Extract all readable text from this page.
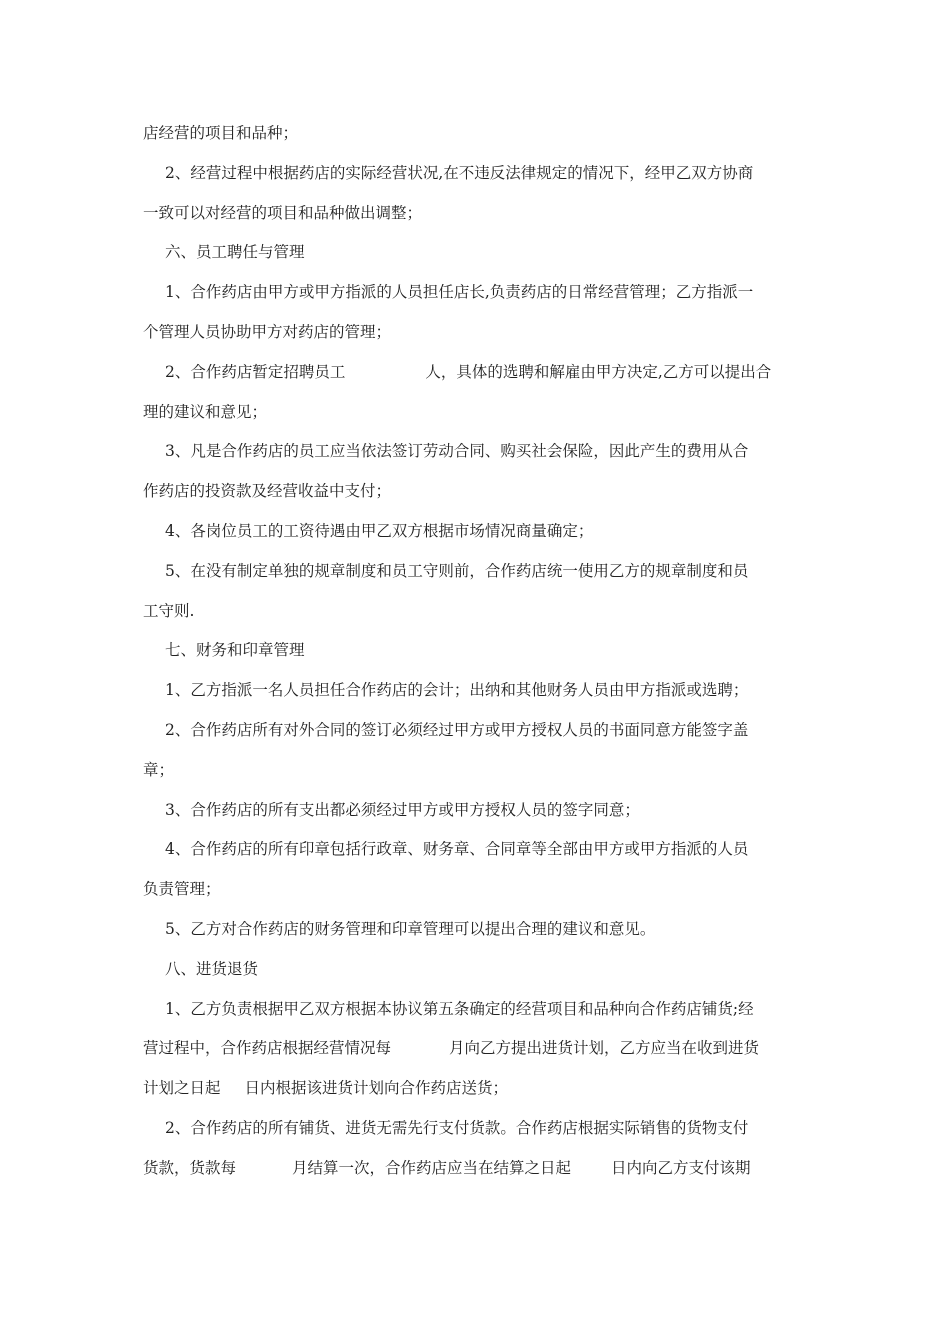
店经营的项目和品种；
2、经营过程中根据药店的实际经营状况,在不违反法律规定的情况下，经甲乙双方协商
一致可以对经营的项目和品种做出调整；
六、员工聘任与管理
1、合作药店由甲方或甲方指派的人员担任店长,负责药店的日常经营管理；乙方指派一
个管理人员协助甲方对药店的管理；
2、合作药店暂定招聘员工	人，具体的选聘和解雇由甲方决定,乙方可以提出合
理的建议和意见；
3、凡是合作药店的员工应当依法签订劳动合同、购买社会保险，因此产生的费用从合
作药店的投资款及经营收益中支付；
4、各岗位员工的工资待遇由甲乙双方根据市场情况商量确定；
5、在没有制定单独的规章制度和员工守则前，合作药店统一使用乙方的规章制度和员
工守则.
七、财务和印章管理
1、乙方指派一名人员担任合作药店的会计；出纳和其他财务人员由甲方指派或选聘；
2、合作药店所有对外合同的签订必须经过甲方或甲方授权人员的书面同意方能签字盖
章；
3、合作药店的所有支出都必须经过甲方或甲方授权人员的签字同意；
4、合作药店的所有印章包括行政章、财务章、合同章等全部由甲方或甲方指派的人员
负责管理；
5、乙方对合作药店的财务管理和印章管理可以提出合理的建议和意见。
八、进货退货
1、乙方负责根据甲乙双方根据本协议第五条确定的经营项目和品种向合作药店铺货;经
营过程中，合作药店根据经营情况每	月向乙方提出进货计划，乙方应当在收到进货
计划之日起 日内根据该进货计划向合作药店送货；
2、合作药店的所有铺货、进货无需先行支付货款。合作药店根据实际销售的货物支付
货款，货款每	月结算一次，合作药店应当在结算之日起	日内向乙方支付该期
